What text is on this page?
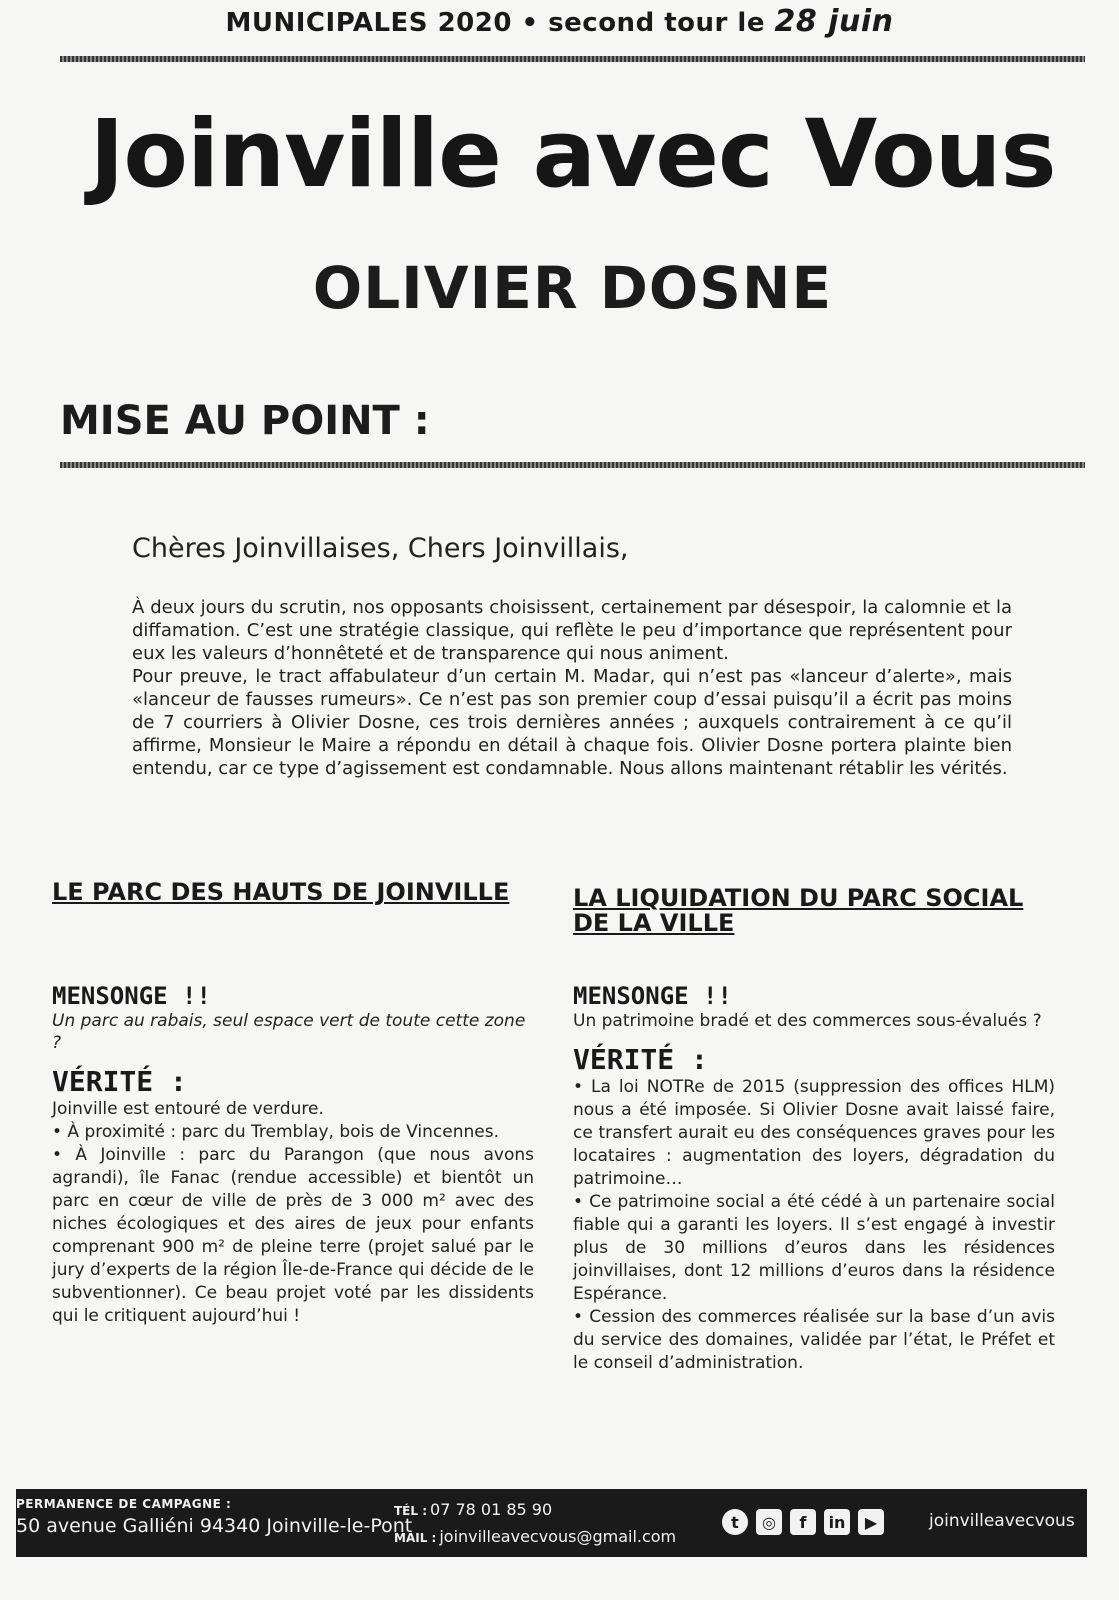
MUNICIPALES 2020 • second tour le 28 juin
Joinville avec Vous
OLIVIER DOSNE
MISE AU POINT :
Chères Joinvillaises, Chers Joinvillais,

À deux jours du scrutin, nos opposants choisissent, certainement par désespoir, la calomnie et la diffamation. C’est une stratégie classique, qui reflète le peu d’importance que représentent pour eux les valeurs d’honnêteté et de transparence qui nous animent.

Pour preuve, le tract affabulateur d’un certain M. Madar, qui n’est pas «lanceur d’alerte», mais «lanceur de fausses rumeurs». Ce n’est pas son premier coup d’essai puisqu’il a écrit pas moins de 7 courriers à Olivier Dosne, ces trois dernières années ; auxquels contrairement à ce qu’il affirme, Monsieur le Maire a répondu en détail à chaque fois. Olivier Dosne portera plainte bien entendu, car ce type d’agissement est condamnable. Nous allons maintenant rétablir les vérités.

LE PARC DES HAUTS DE JOINVILLE
MENSONGE !!
Un parc au rabais, seul espace vert de toute cette zone ?
VÉRITÉ :

Joinville est entouré de verdure.

• À proximité : parc du Tremblay, bois de Vincennes.

• À Joinville : parc du Parangon (que nous avons agrandi), île Fanac (rendue accessible) et bientôt un parc en cœur de ville de près de 3 000 m² avec des niches écologiques et des aires de jeux pour enfants comprenant 900 m² de pleine terre (projet salué par le jury d’experts de la région Île-de-France qui décide de le subventionner). Ce beau projet voté par les dissidents qui le critiquent aujourd’hui !

LA LIQUIDATION DU PARC SOCIAL DE LA VILLE
MENSONGE !!
Un patrimoine bradé et des commerces sous-évalués ?
VÉRITÉ :

• La loi NOTRe de 2015 (suppression des offices HLM) nous a été imposée. Si Olivier Dosne avait laissé faire, ce transfert aurait eu des conséquences graves pour les locataires : augmentation des loyers, dégradation du patrimoine…

• Ce patrimoine social a été cédé à un partenaire social fiable qui a garanti les loyers. Il s’est engagé à investir plus de 30 millions d’euros dans les résidences joinvillaises, dont 12 millions d’euros dans la résidence Espérance.

• Cession des commerces réalisée sur la base d’un avis du service des domaines, validée par l’état, le Préfet et le conseil d’administration.

PERMANENCE DE CAMPAGNE :
50 avenue Galliéni 94340 Joinville-le-Pont
TÉL : 07 78 01 85 90
MAIL : joinvilleavecvous@gmail.com
t	◎	f	in	▶	joinvilleavecvous
